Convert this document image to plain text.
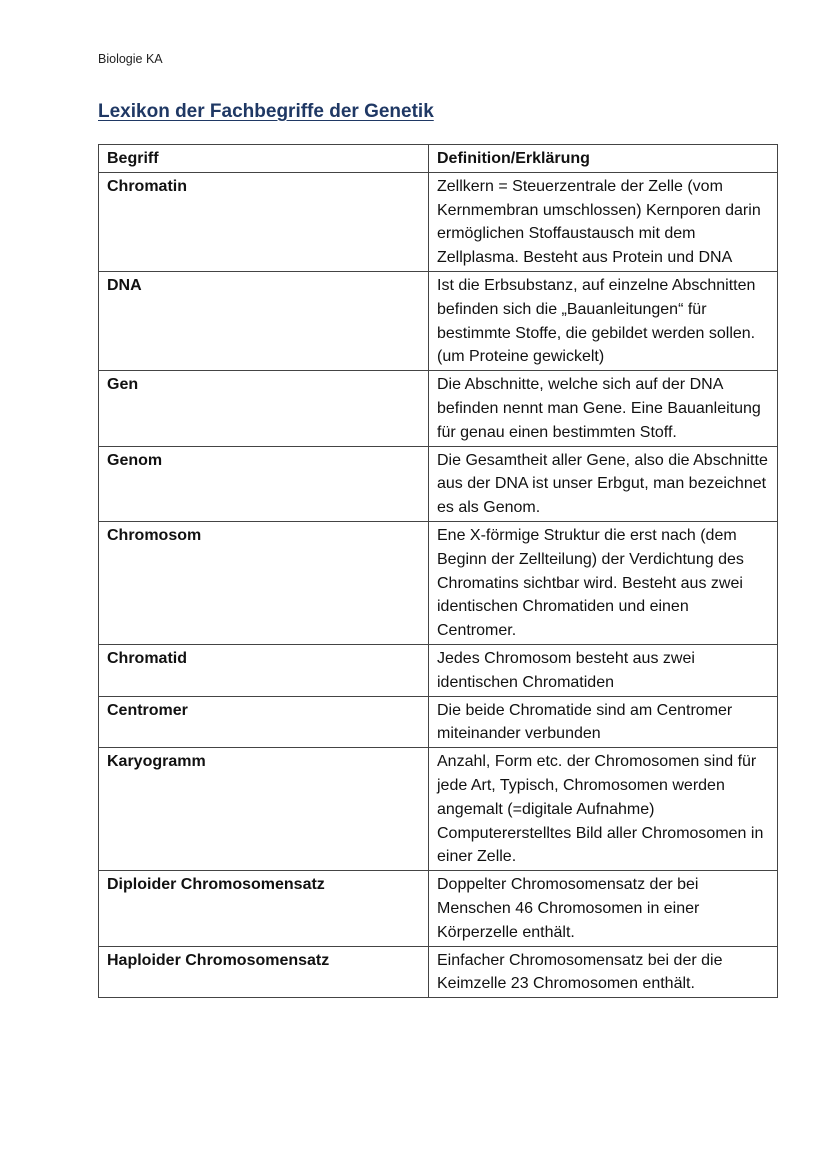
Biologie KA
Lexikon der Fachbegriffe der Genetik
Begriff	Definition/Erklärung
Chromatin	Zellkern = Steuerzentrale der Zelle (vom Kernmembran umschlossen) Kernporen darin ermöglichen Stoffaustausch mit dem Zellplasma. Besteht aus Protein und DNA
DNA	Ist die Erbsubstanz, auf einzelne Abschnitten befinden sich die „Bauanleitungen“ für bestimmte Stoffe, die gebildet werden sollen. (um Proteine gewickelt)
Gen	Die Abschnitte, welche sich auf der DNA befinden nennt man Gene. Eine Bauanleitung für genau einen bestimmten Stoff.
Genom	Die Gesamtheit aller Gene, also die Abschnitte aus der DNA ist unser Erbgut, man bezeichnet es als Genom.
Chromosom	Ene X-förmige Struktur die erst nach (dem Beginn der Zellteilung) der Verdichtung des Chromatins sichtbar wird. Besteht aus zwei identischen Chromatiden und einen Centromer.
Chromatid	Jedes Chromosom besteht aus zwei identischen Chromatiden
Centromer	Die beide Chromatide sind am Centromer miteinander verbunden
Karyogramm	Anzahl, Form etc. der Chromosomen sind für jede Art, Typisch, Chromosomen werden angemalt (=digitale Aufnahme) Computererstelltes Bild aller Chromosomen in einer Zelle.
Diploider Chromosomensatz	Doppelter Chromosomensatz der bei Menschen 46 Chromosomen in einer Körperzelle enthält.
Haploider Chromosomensatz	Einfacher Chromosomensatz bei der die Keimzelle 23 Chromosomen enthält.
